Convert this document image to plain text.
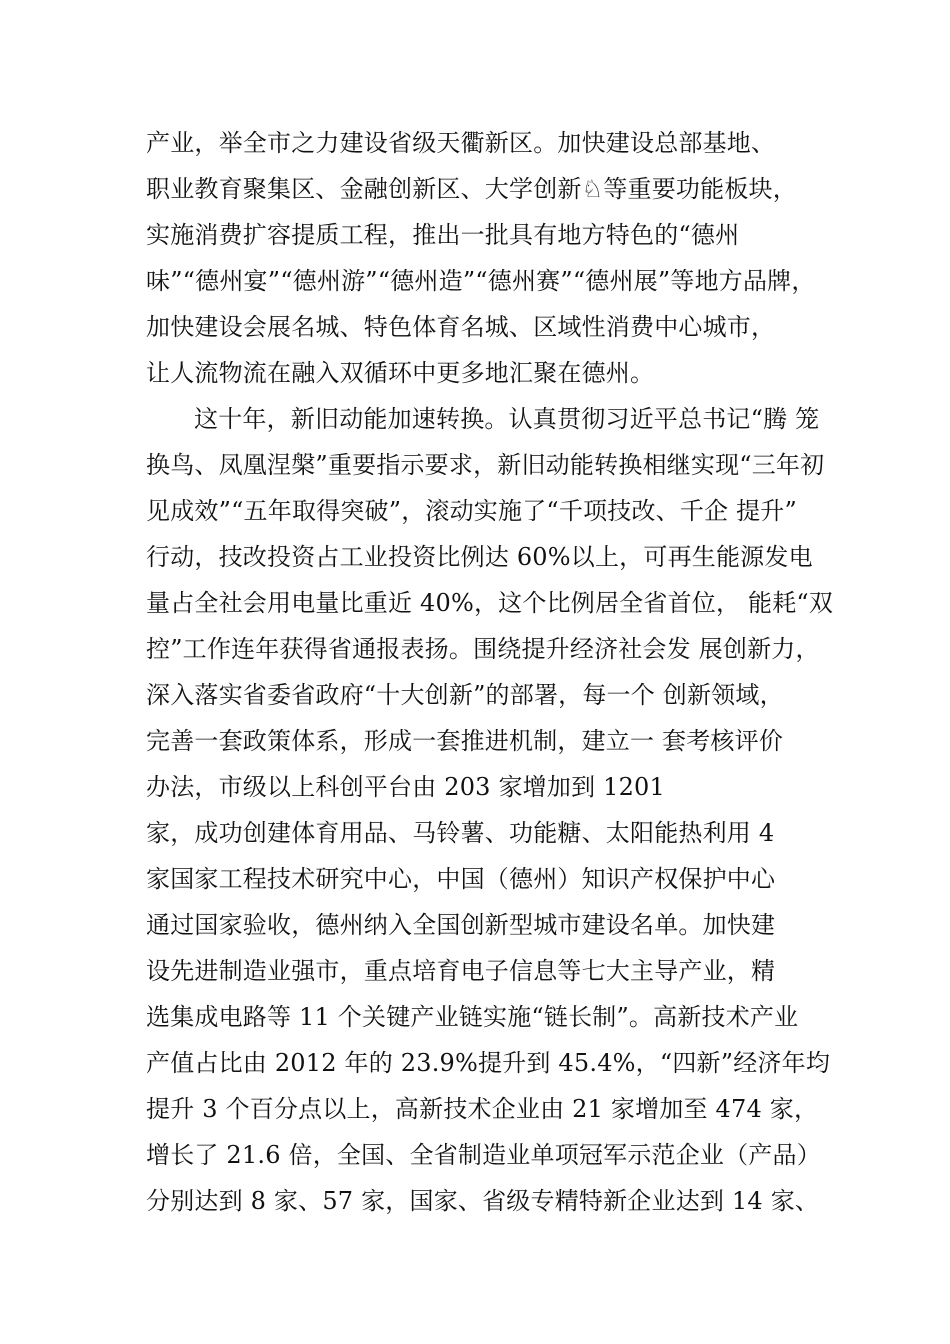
产业，举全市之力建设省级天衢新区。加快建设总部基地、
职业教育聚集区、金融创新区、大学创新♘等重要功能板块，
实施消费扩容提质工程，推出一批具有地方特色的“德州
味”“德州宴”“德州游”“德州造”“德州赛”“德州展”等地方品牌，
加快建设会展名城、特色体育名城、区域性消费中心城市，
让人流物流在融入双循环中更多地汇聚在德州。
这十年，新旧动能加速转换。认真贯彻习近平总书记“腾 笼
换鸟、凤凰涅槃”重要指示要求，新旧动能转换相继实现“三年初
见成效”“五年取得突破”，滚动实施了“千项技改、千企 提升”
行动，技改投资占工业投资比例达 60%以上，可再生能源发电
量占全社会用电量比重近 40%，这个比例居全省首位， 能耗“双
控”工作连年获得省通报表扬。围绕提升经济社会发 展创新力，
深入落实省委省政府“十大创新”的部署，每一个 创新领域，
完善一套政策体系，形成一套推进机制，建立一 套考核评价
办法，市级以上科创平台由 203 家增加到 1201
家，成功创建体育用品、马铃薯、功能糖、太阳能热利用 4
家国家工程技术研究中心，中国（德州）知识产权保护中心
通过国家验收，德州纳入全国创新型城市建设名单。加快建
设先进制造业强市，重点培育电子信息等七大主导产业，精
选集成电路等 11 个关键产业链实施“链长制”。高新技术产业
产值占比由 2012 年的 23.9%提升到 45.4%，“四新”经济年均
提升 3 个百分点以上，高新技术企业由 21 家增加至 474 家，
增长了 21.6 倍，全国、全省制造业单项冠军示范企业（产品）
分别达到 8 家、57 家，国家、省级专精特新企业达到 14 家、
